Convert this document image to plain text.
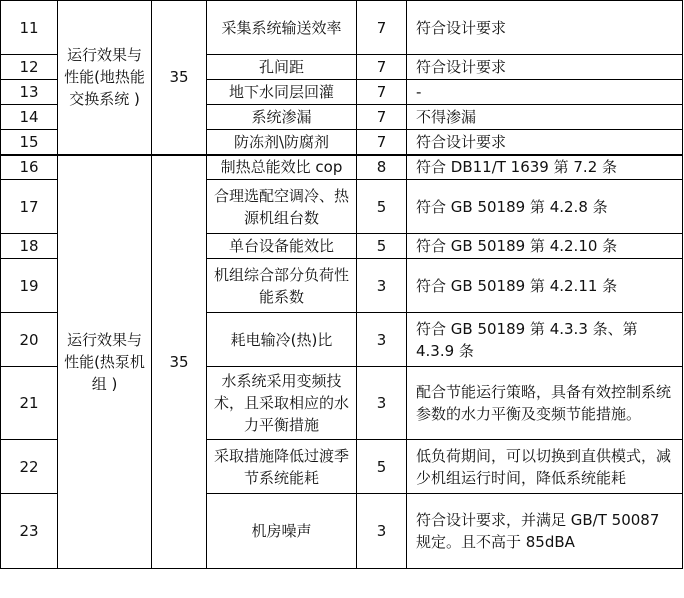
11	运行效果与性能(地热能交换系统 )	35	采集系统输送效率	7	符合设计要求
12			孔间距	7	符合设计要求
13			地下水同层回灌	7	-
14			系统渗漏	7	不得渗漏
15			防冻剂\防腐剂	7	符合设计要求
16	运行效果与性能(热泵机组 )	35	制热总能效比 cop	8	符合 DB11/T 1639 第 7.2 条
17			合理选配空调冷、热源机组台数	5	符合 GB 50189 第 4.2.8 条
18			单台设备能效比	5	符合 GB 50189 第 4.2.10 条
19			机组综合部分负荷性能系数	3	符合 GB 50189 第 4.2.11 条
20			耗电输冷(热)比	3	符合 GB 50189 第 4.3.3 条、第 4.3.9 条
21			水系统采用变频技术，且采取相应的水力平衡措施	3	配合节能运行策略，具备有效控制系统参数的水力平衡及变频节能措施。
22			采取措施降低过渡季节系统能耗	5	低负荷期间，可以切换到直供模式，减少机组运行时间，降低系统能耗
23			机房噪声	3	符合设计要求，并满足 GB/T 50087 规定。且不高于 85dBA
